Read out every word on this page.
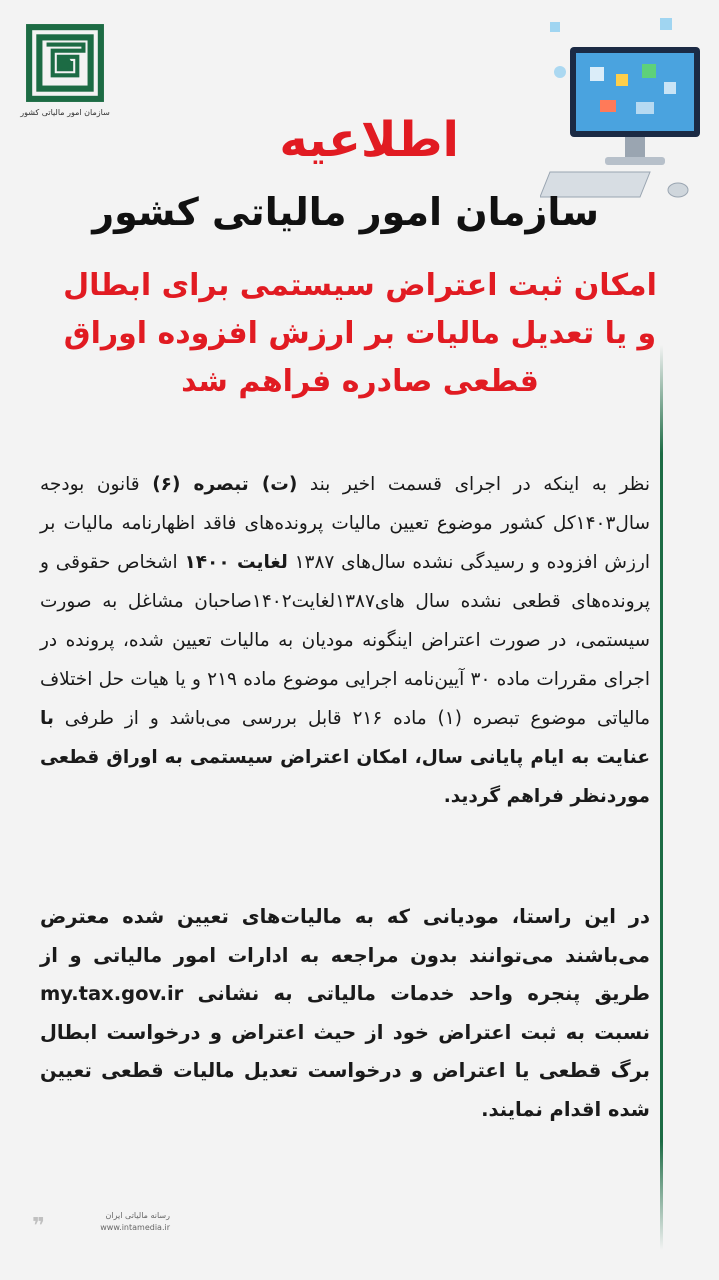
سازمان امور مالیاتی کشور	اطلاعیه
سازمان امور مالیاتی کشور
امکان ثبت اعتراض سیستمی برای ابطال و یا تعدیل مالیات بر ارزش افزوده اوراق قطعی صادره فراهم شد
نظر به اینکه در اجرای قسمت اخیر بند (ت) تبصره (۶) قانون بودجه سال۱۴۰۳کل کشور موضوع تعیین مالیات پرونده‌های فاقد اظهارنامه مالیات بر ارزش افزوده و رسیدگی نشده سال‌های ۱۳۸۷ لغایت ۱۴۰۰ اشخاص حقوقی و پرونده‌های قطعی نشده سال های۱۳۸۷لغایت۱۴۰۲صاحبان مشاغل به صورت سیستمی، در صورت اعتراض اینگونه مودیان به مالیات تعیین شده، پرونده در اجرای مقررات ماده ۳۰ آیین‌نامه اجرایی موضوع ماده ۲۱۹ و یا هیات حل اختلاف مالیاتی موضوع تبصره (۱) ماده ۲۱۶ قابل بررسی می‌باشد و از طرفی با عنایت به ایام پایانی سال، امکان اعتراض سیستمی به اوراق قطعی موردنظر فراهم گردید.
در این راستا، مودیانی که به مالیات‌های تعیین شده معترض می‌باشند می‌توانند بدون مراجعه به ادارات امور مالیاتی و از طریق پنجره واحد خدمات مالیاتی به نشانی my.tax.gov.ir نسبت به ثبت اعتراض خود از حیث اعتراض و درخواست ابطال برگ قطعی یا اعتراض و درخواست تعدیل مالیات قطعی تعیین شده اقدام نمایند.
❞	رسانه مالیاتی ایران
www.intamedia.ir
